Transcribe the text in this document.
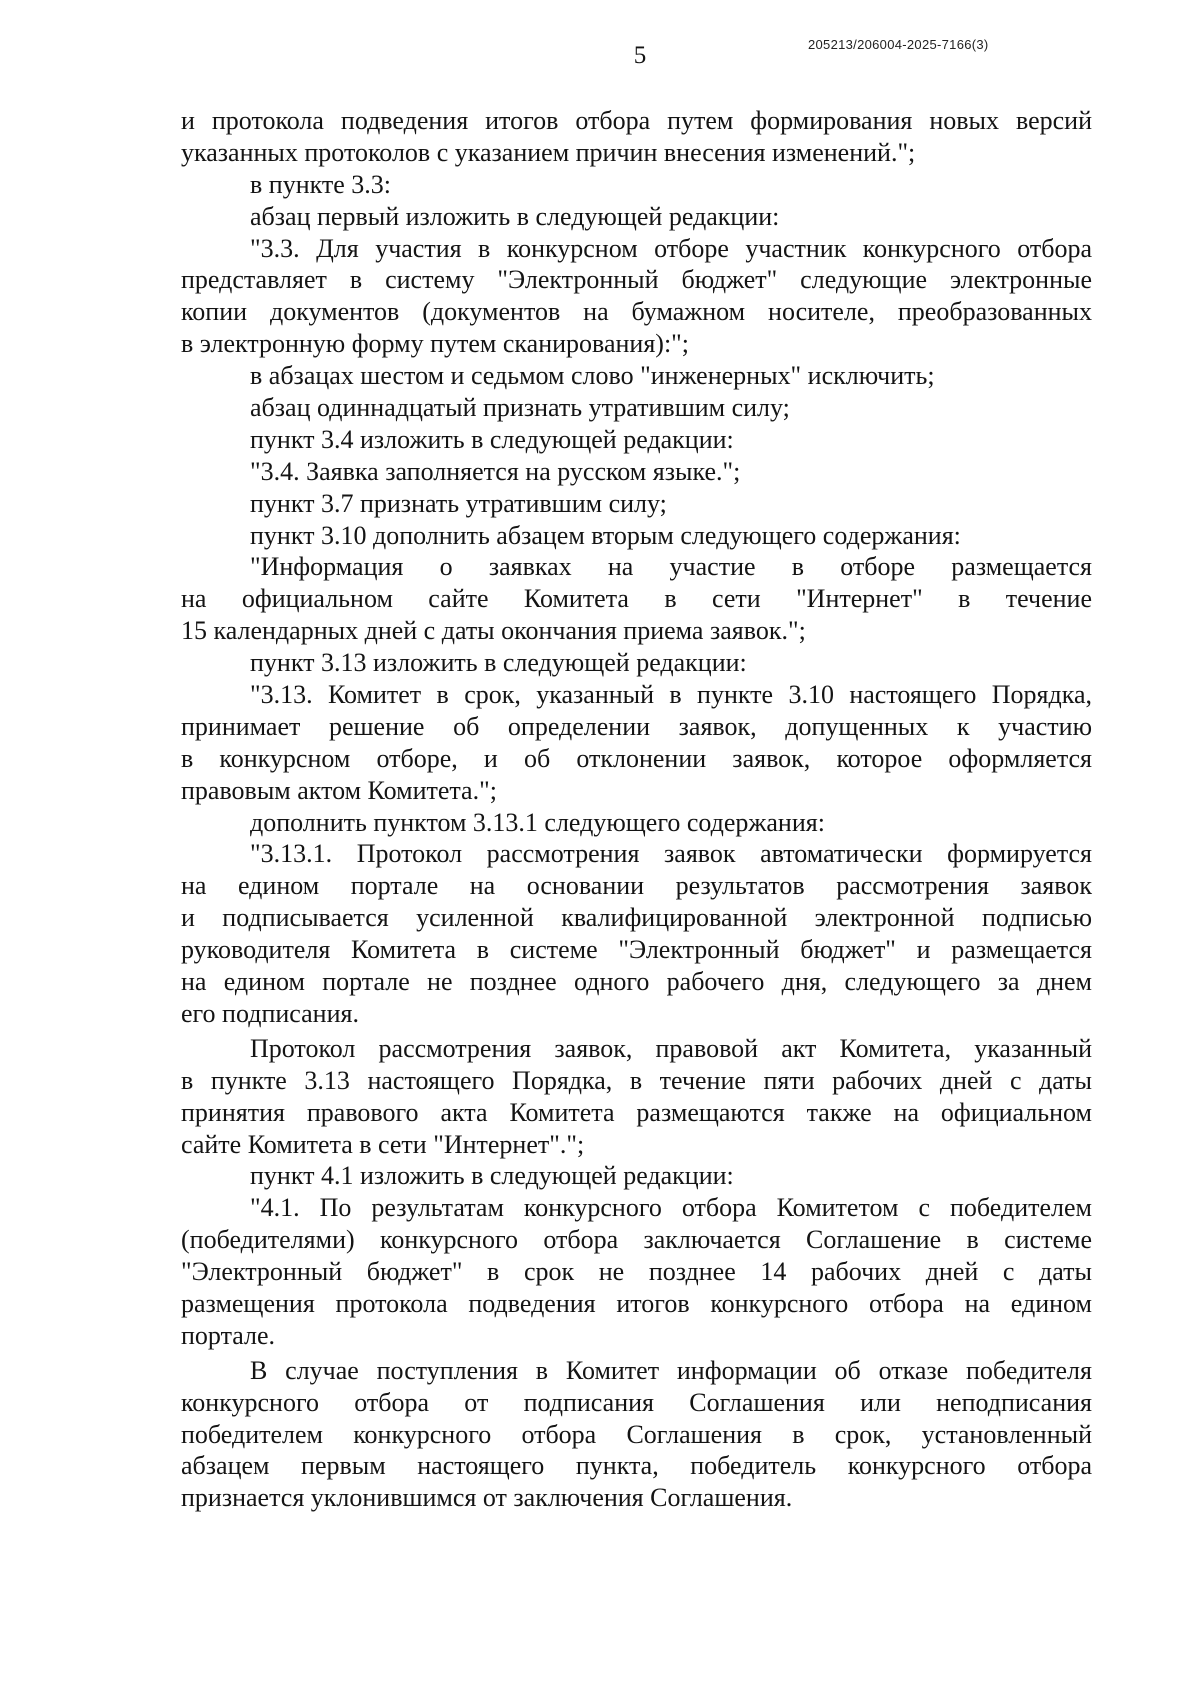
5	205213/206004-2025-7166(3)
и протокола подведения итогов отбора путем формирования новых версий
указанных протоколов с указанием причин внесения изменений.";
в пункте 3.3:
абзац первый изложить в следующей редакции:
"3.3. Для участия в конкурсном отборе участник конкурсного отбора
представляет в систему "Электронный бюджет" следующие электронные
копии документов (документов на бумажном носителе, преобразованных
в электронную форму путем сканирования):";
в абзацах шестом и седьмом слово "инженерных" исключить;
абзац одиннадцатый признать утратившим силу;
пункт 3.4 изложить в следующей редакции:
"3.4. Заявка заполняется на русском языке.";
пункт 3.7 признать утратившим силу;
пункт 3.10 дополнить абзацем вторым следующего содержания:
"Информация о заявках на участие в отборе размещается
на официальном сайте Комитета в сети "Интернет" в течение
15 календарных дней с даты окончания приема заявок.";
пункт 3.13 изложить в следующей редакции:
"3.13. Комитет в срок, указанный в пункте 3.10 настоящего Порядка,
принимает решение об определении заявок, допущенных к участию
в конкурсном отборе, и об отклонении заявок, которое оформляется
правовым актом Комитета.";
дополнить пунктом 3.13.1 следующего содержания:
"3.13.1. Протокол рассмотрения заявок автоматически формируется
на едином портале на основании результатов рассмотрения заявок
и подписывается усиленной квалифицированной электронной подписью
руководителя Комитета в системе "Электронный бюджет" и размещается
на едином портале не позднее одного рабочего дня, следующего за днем
его подписания.
Протокол рассмотрения заявок, правовой акт Комитета, указанный
в пункте 3.13 настоящего Порядка, в течение пяти рабочих дней с даты
принятия правового акта Комитета размещаются также на официальном
сайте Комитета в сети "Интернет".";
пункт 4.1 изложить в следующей редакции:
"4.1. По результатам конкурсного отбора Комитетом с победителем
(победителями) конкурсного отбора заключается Соглашение в системе
"Электронный бюджет" в срок не позднее 14 рабочих дней с даты
размещения протокола подведения итогов конкурсного отбора на едином
портале.
В случае поступления в Комитет информации об отказе победителя
конкурсного отбора от подписания Соглашения или неподписания
победителем конкурсного отбора Соглашения в срок, установленный
абзацем первым настоящего пункта, победитель конкурсного отбора
признается уклонившимся от заключения Соглашения.
